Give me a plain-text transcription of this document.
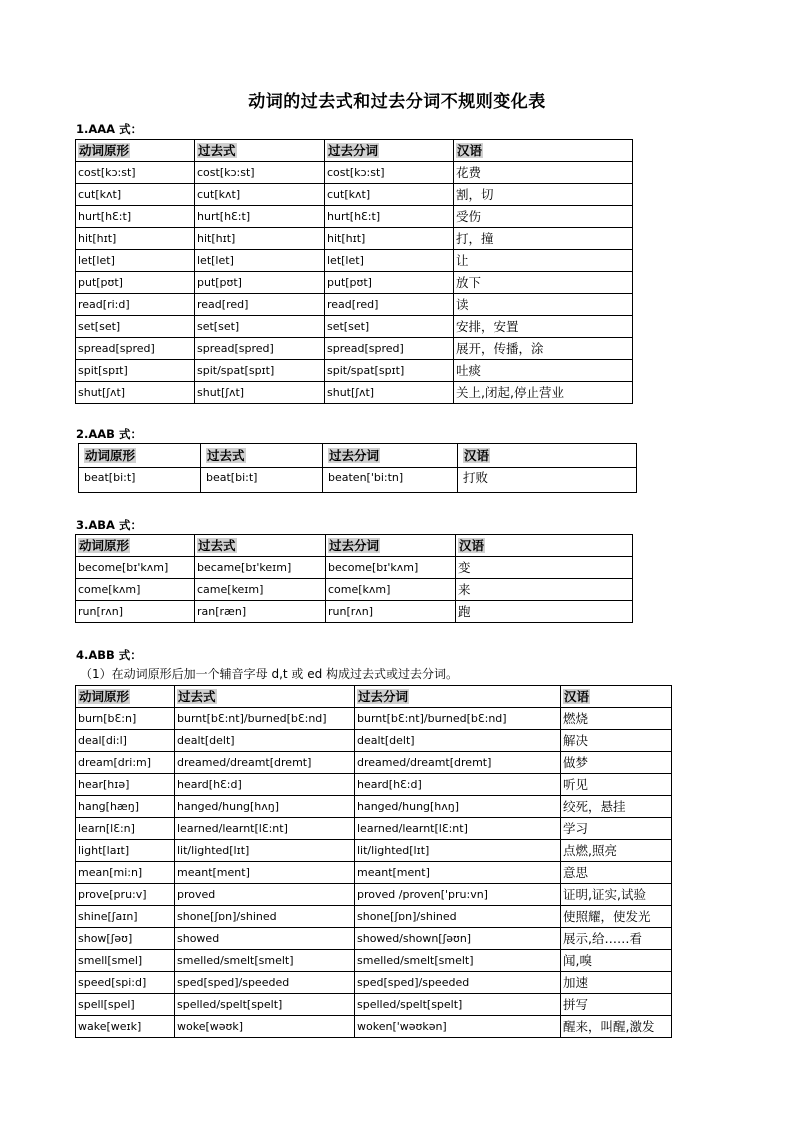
动词的过去式和过去分词不规则变化表
1.AAA 式：
动词原形	过去式	过去分词	汉语
cost[kɔ:st]	cost[kɔ:st]	cost[kɔ:st]	花费
cut[kʌt]	cut[kʌt]	cut[kʌt]	割，切
hurt[hƐ:t]	hurt[hƐ:t]	hurt[hƐ:t]	受伤
hit[hɪt]	hit[hɪt]	hit[hɪt]	打，撞
let[let]	let[let]	let[let]	让
put[pʊt]	put[pʊt]	put[pʊt]	放下
read[ri:d]	read[red]	read[red]	读
set[set]	set[set]	set[set]	安排，安置
spread[spred]	spread[spred]	spread[spred]	展开，传播，涂
spit[spɪt]	spit/spat[spɪt]	spit/spat[spɪt]	吐痰
shut[ʃʌt]	shut[ʃʌt]	shut[ʃʌt]	关上,闭起,停止营业
2.AAB 式：
动词原形	过去式	过去分词	汉语
beat[bi:t]	beat[bi:t]	beaten['bi:tn]	打败
3.ABA 式：
动词原形	过去式	过去分词	汉语
become[bɪ'kʌm]	became[bɪ'keɪm]	become[bɪ'kʌm]	变
come[kʌm]	came[keɪm]	come[kʌm]	来
run[rʌn]	ran[ræn]	run[rʌn]	跑
4.ABB 式：
（1）在动词原形后加一个辅音字母 d,t 或 ed 构成过去式或过去分词。
动词原形	过去式	过去分词	汉语
burn[bƐ:n]	burnt[bƐ:nt]/burned[bƐ:nd]	burnt[bƐ:nt]/burned[bƐ:nd]	燃烧
deal[di:l]	dealt[delt]	dealt[delt]	解决
dream[dri:m]	dreamed/dreamt[dremt]	dreamed/dreamt[dremt]	做梦
hear[hɪə]	heard[hƐ:d]	heard[hƐ:d]	听见
hang[hæŋ]	hanged/hung[hʌŋ]	hanged/hung[hʌŋ]	绞死，悬挂
learn[lƐ:n]	learned/learnt[lƐ:nt]	learned/learnt[lƐ:nt]	学习
light[laɪt]	lit/lighted[lɪt]	lit/lighted[lɪt]	点燃,照亮
mean[mi:n]	meant[ment]	meant[ment]	意思
prove[pru:v]	proved	proved /proven['pru:vn]	证明,证实,试验
shine[ʃaɪn]	shone[ʃɒn]/shined	shone[ʃɒn]/shined	使照耀，使发光
show[ʃəʊ]	showed	showed/shown[ʃəʊn]	展示,给……看
smell[smel]	smelled/smelt[smelt]	smelled/smelt[smelt]	闻,嗅
speed[spi:d]	sped[sped]/speeded	sped[sped]/speeded	加速
spell[spel]	spelled/spelt[spelt]	spelled/spelt[spelt]	拼写
wake[weɪk]	woke[wəʊk]	woken['wəʊkən]	醒来，叫醒,激发
